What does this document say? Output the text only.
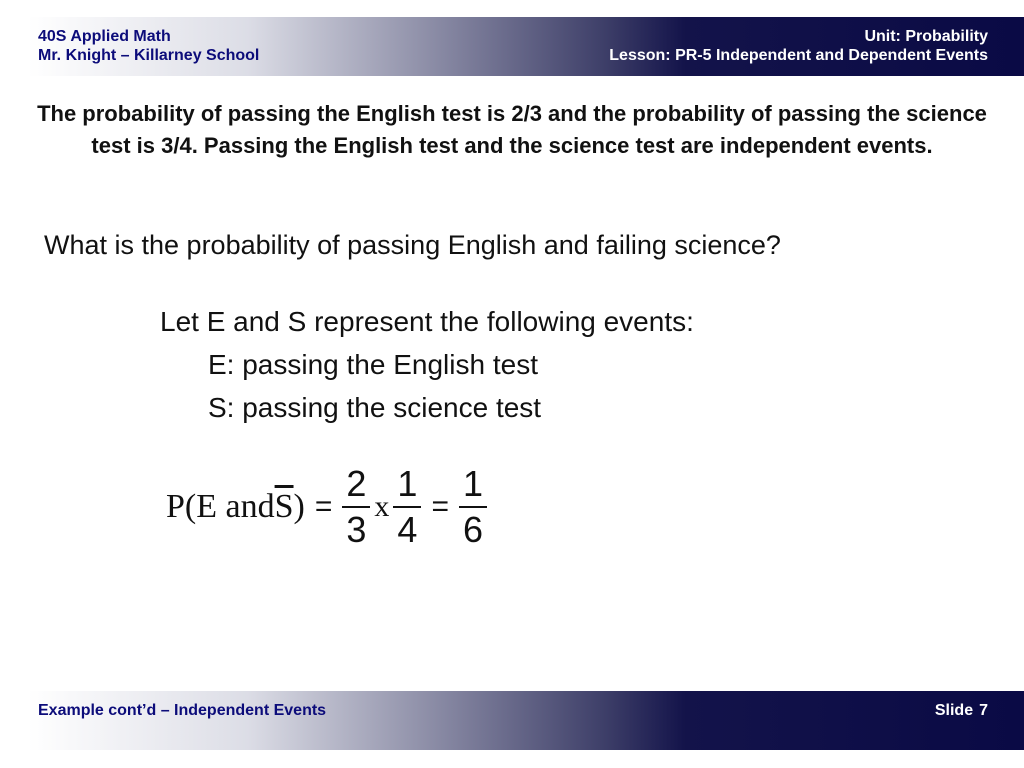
40S Applied Math
Mr. Knight – Killarney School
Unit: Probability
Lesson: PR-5 Independent and Dependent Events
The probability of passing the English test is 2/3 and the probability of passing the science test is 3/4. Passing the English test and the science test are independent events.
What is the probability of passing English and failing science?
Let E and S represent the following events:
E: passing the English test
S: passing the science test
P(E and $\overline{S}$ ) = $\frac{2}{3}$ x $\frac{1}{4} = \frac{1}{6}$
Example cont’d – Independent Events	Slide 7
